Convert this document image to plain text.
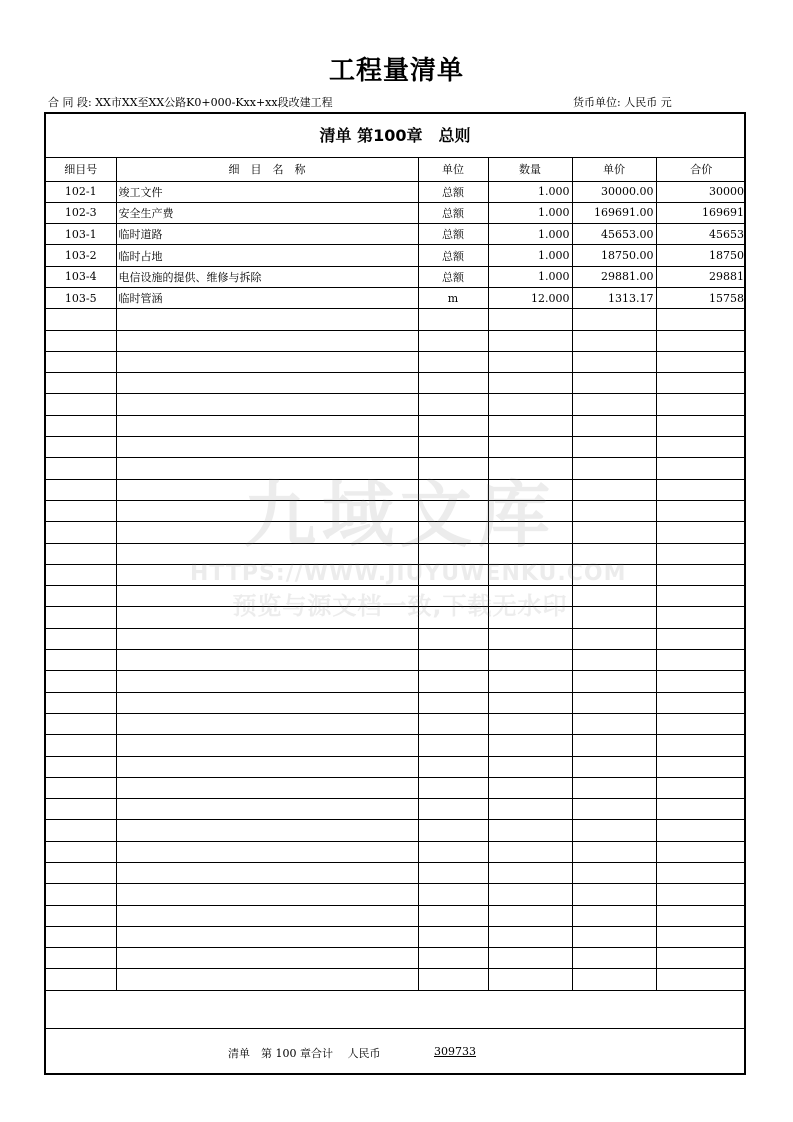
工程量清单
合 同 段: XX市XX至XX公路K0+000-Kxx+xx段改建工程	货币单位: 人民币 元
清单 第100章　总则
细目号	细　目　名　称	单位	数量	单价	合价
102-1	竣工文件	总额	1.000	30000.00	30000
102-3	安全生产费	总额	1.000	169691.00	169691
103-1	临时道路	总额	1.000	45653.00	45653
103-2	临时占地	总额	1.000	18750.00	18750
103-4	电信设施的提供、维修与拆除	总额	1.000	29881.00	29881
103-5	临时管涵	m	12.000	1313.17	15758

清单　第 100 章合计　 人民币	309733
九域文库
HTTPS://WWW.JIUYUWENKU.COM
预览与源文档一致,下载无水印
